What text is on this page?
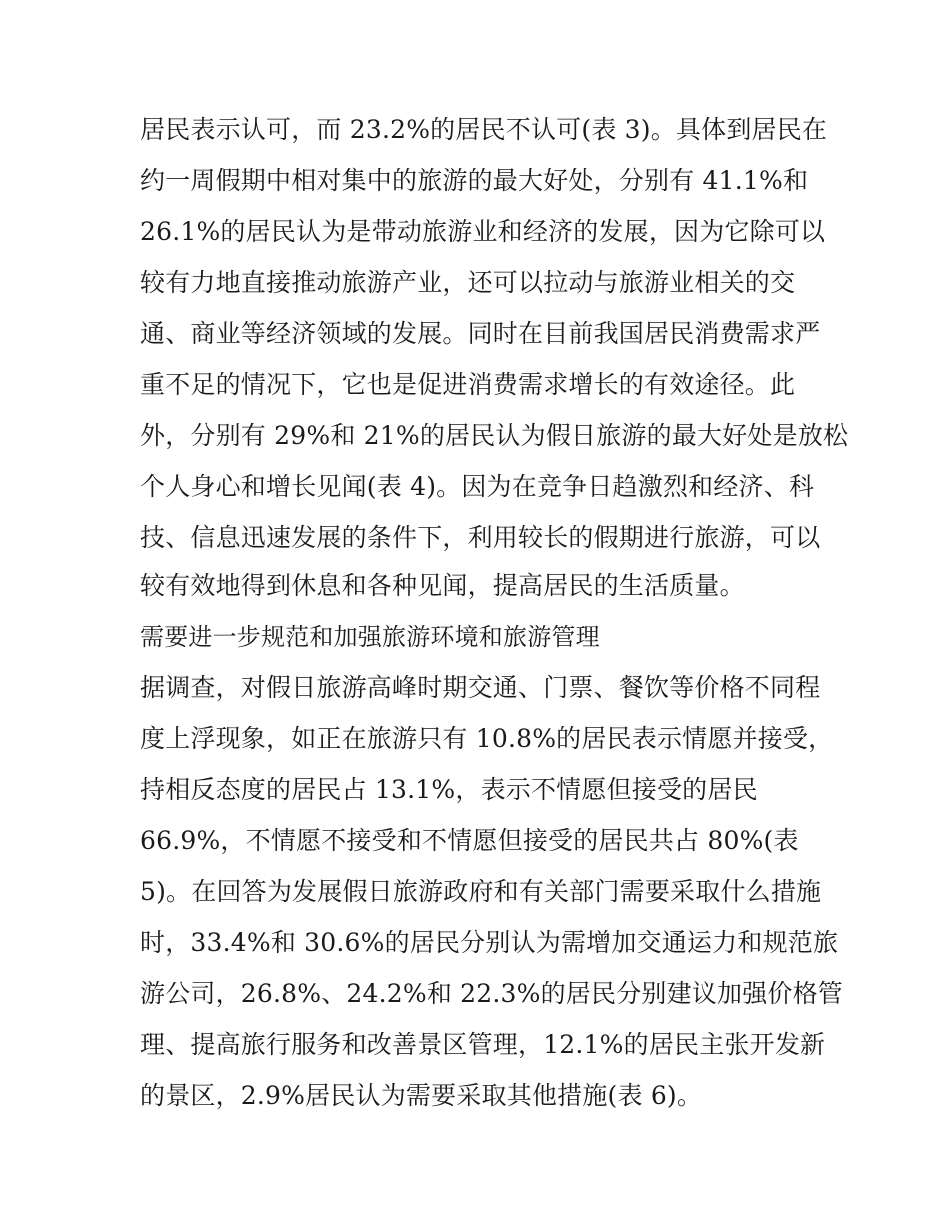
居民表示认可，而 23.2%的居民不认可(表 3)。具体到居民在
约一周假期中相对集中的旅游的最大好处，分别有 41.1%和
26.1%的居民认为是带动旅游业和经济的发展，因为它除可以
较有力地直接推动旅游产业，还可以拉动与旅游业相关的交
通、商业等经济领域的发展。同时在目前我国居民消费需求严
重不足的情况下，它也是促进消费需求增长的有效途径。此
外，分别有 29%和 21%的居民认为假日旅游的最大好处是放松
个人身心和增长见闻(表 4)。因为在竞争日趋激烈和经济、科
技、信息迅速发展的条件下，利用较长的假期进行旅游，可以
较有效地得到休息和各种见闻，提高居民的生活质量。
需要进一步规范和加强旅游环境和旅游管理
据调查，对假日旅游高峰时期交通、门票、餐饮等价格不同程
度上浮现象，如正在旅游只有 10.8%的居民表示情愿并接受，
持相反态度的居民占 13.1%，表示不情愿但接受的居民
66.9%，不情愿不接受和不情愿但接受的居民共占 80%(表
5)。在回答为发展假日旅游政府和有关部门需要采取什么措施
时，33.4%和 30.6%的居民分别认为需增加交通运力和规范旅
游公司，26.8%、24.2%和 22.3%的居民分别建议加强价格管
理、提高旅行服务和改善景区管理，12.1%的居民主张开发新
的景区，2.9%居民认为需要采取其他措施(表 6)。
